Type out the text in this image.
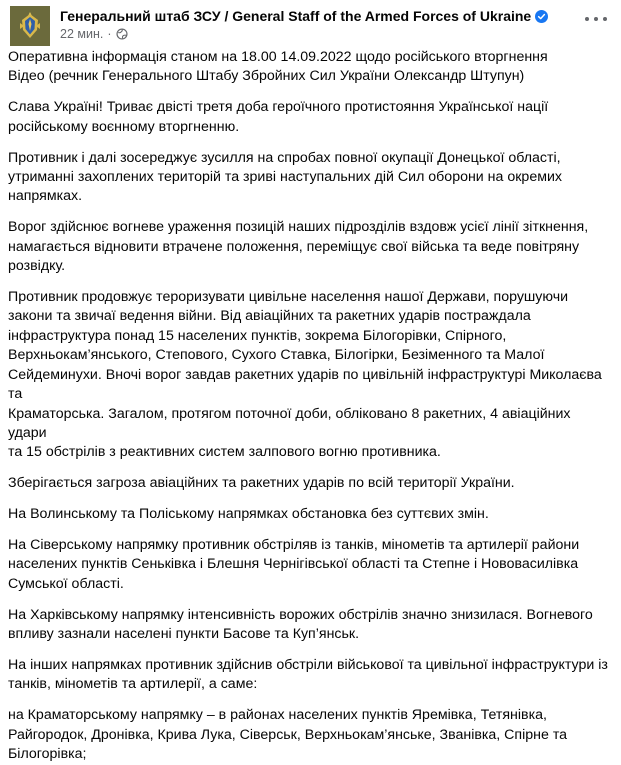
Генеральний штаб ЗСУ / General Staff of the Armed Forces of Ukraine
22 мин. ·

Оперативна інформація станом на 18.00 14.09.2022 щодо російського вторгнення
Відео (речник Генерального Штабу Збройних Сил України Олександр Штупун)

Слава Україні! Триває двісті третя доба героїчного протистояння Української нації
російському воєнному вторгненню.

Противник і далі зосереджує зусилля на спробах повної окупації Донецької області,
утриманні захоплених територій та зриві наступальних дій Сил оборони на окремих
напрямках.

Ворог здійснює вогневе ураження позицій наших підрозділів вздовж усієї лінії зіткнення,
намагається відновити втрачене положення, переміщує свої війська та веде повітряну
розвідку.

Противник продовжує тероризувати цивільне населення нашої Держави, порушуючи
закони та звичаї ведення війни. Від авіаційних та ракетних ударів постраждала
інфраструктура понад 15 населених пунктів, зокрема Білогорівки, Спірного,
Верхньокам’янського, Степового, Сухого Ставка, Білогірки, Безіменного та Малої
Сейдеминухи. Вночі ворог завдав ракетних ударів по цивільній інфраструктурі Миколаєва та
Краматорська. Загалом, протягом поточної доби, обліковано 8 ракетних, 4 авіаційних удари
та 15 обстрілів з реактивних систем залпового вогню противника.

Зберігається загроза авіаційних та ракетних ударів по всій території України.

На Волинському та Поліському напрямках обстановка без суттєвих змін.

На Сіверському напрямку противник обстріляв із танків, мінометів та артилерії райони
населених пунктів Сенькiвка і Блешня Чернігівської області та Степне і Нововасилівка
Сумської області.

На Харківському напрямку інтенсивність ворожих обстрілів значно знизилася. Вогневого
впливу зазнали населені пункти Басове та Куп’янськ.

На інших напрямках противник здійснив обстріли військової та цивільної інфраструктури із
танків, мінометів та артилерії, а саме:

на Краматорському напрямку – в районах населених пунктів Яремівка, Тетянівка,
Райгородок, Дронівка, Крива Лука, Сіверськ, Верхньокам’янське, Званівка, Спірне та
Білогорівка;
